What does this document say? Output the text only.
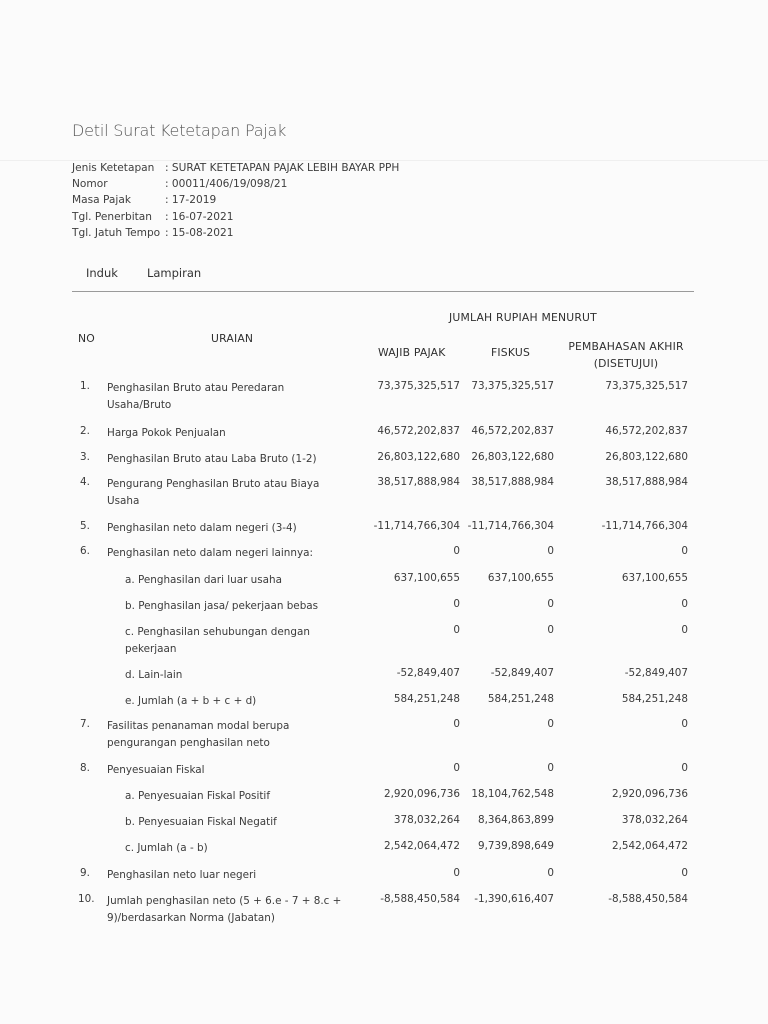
Detil Surat Ketetapan Pajak
Jenis Ketetapan	: SURAT KETETAPAN PAJAK LEBIH BAYAR PPH
Nomor	: 00011/406/19/098/21
Masa Pajak	: 17-2019
Tgl. Penerbitan	: 16-07-2021
Tgl. Jatuh Tempo : 15-08-2021
Induk	Lampiran
NO	URAIAN
JUMLAH RUPIAH MENURUT
WAJIB PAJAK	FISKUS	PEMBAHASAN AKHIR
(DISETUJUI)
1. Penghasilan Bruto atau Peredaran Usaha/Bruto
73,375,325,517 73,375,325,517	73,375,325,517
2. Harga Pokok Penjualan	46,572,202,837 46,572,202,837	46,572,202,837
3. Penghasilan Bruto atau Laba Bruto (1-2)	26,803,122,680 26,803,122,680	26,803,122,680
4. Pengurang Penghasilan Bruto atau Biaya Usaha
38,517,888,984 38,517,888,984	38,517,888,984
5. Penghasilan neto dalam negeri (3-4)	-11,714,766,304 -11,714,766,304	-11,714,766,304
6. Penghasilan neto dalam negeri lainnya:	0	0	0
a. Penghasilan dari luar usaha	637,100,655	637,100,655	637,100,655
b. Penghasilan jasa/ pekerjaan bebas	0	0	0
c. Penghasilan sehubungan dengan pekerjaan
0	0	0
d. Lain-lain	-52,849,407	-52,849,407	-52,849,407
e. Jumlah (a + b + c + d)	584,251,248	584,251,248	584,251,248
7. Fasilitas penanaman modal berupa pengurangan penghasilan neto
0	0	0
8. Penyesuaian Fiskal	0	0	0
a. Penyesuaian Fiskal Positif	2,920,096,736 18,104,762,548	2,920,096,736
b. Penyesuaian Fiskal Negatif	378,032,264 8,364,863,899	378,032,264
c. Jumlah (a - b)	2,542,064,472 9,739,898,649	2,542,064,472
9. Penghasilan neto luar negeri	0	0	0
10. Jumlah penghasilan neto (5 + 6.e - 7 + 8.c + 9)/berdasarkan Norma (Jabatan)
-8,588,450,584 -1,390,616,407	-8,588,450,584
